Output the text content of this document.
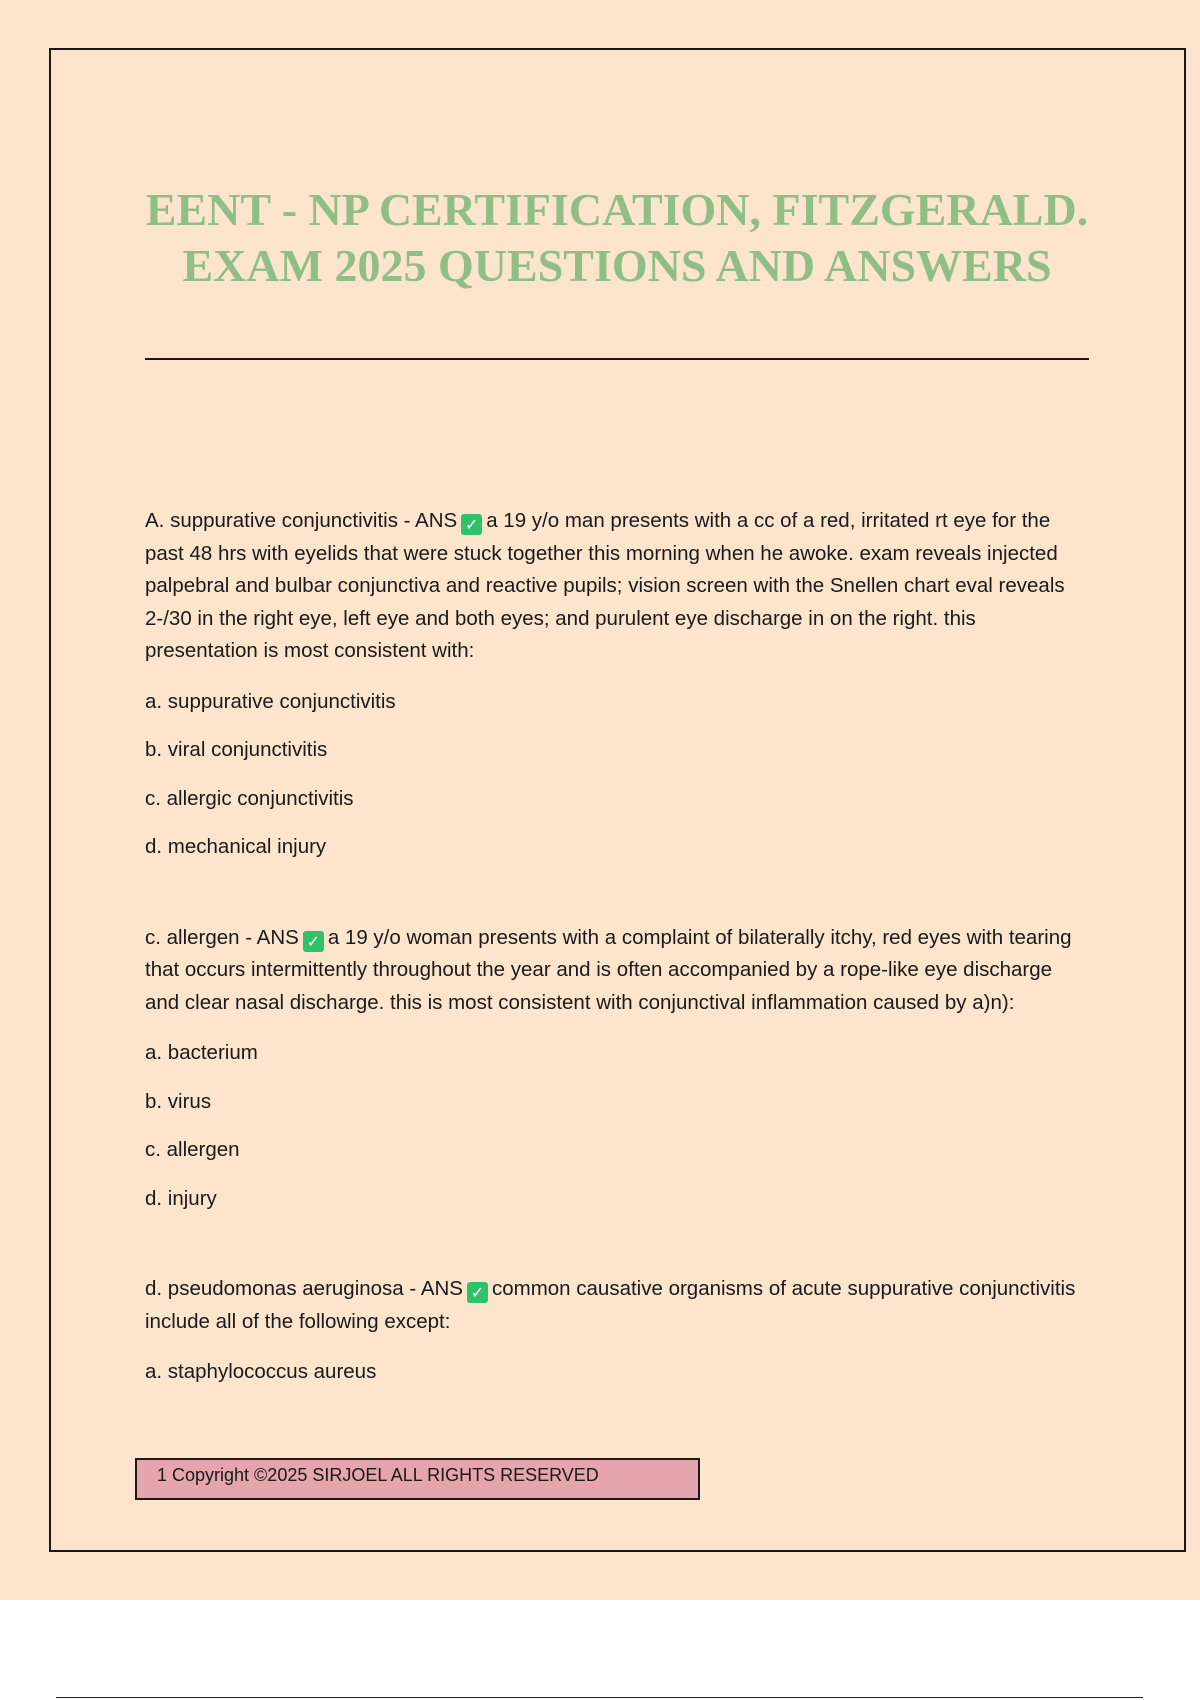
EENT - NP CERTIFICATION, FITZGERALD. EXAM 2025 QUESTIONS AND ANSWERS

A. suppurative conjunctivitis - ANS ✓ a 19 y/o man presents with a cc of a red, irritated rt eye for the past 48 hrs with eyelids that were stuck together this morning when he awoke. exam reveals injected palpebral and bulbar conjunctiva and reactive pupils; vision screen with the Snellen chart eval reveals 2-/30 in the right eye, left eye and both eyes; and purulent eye discharge in on the right. this presentation is most consistent with:

a. suppurative conjunctivitis

b. viral conjunctivitis

c. allergic conjunctivitis

d. mechanical injury

c. allergen - ANS ✓ a 19 y/o woman presents with a complaint of bilaterally itchy, red eyes with tearing that occurs intermittently throughout the year and is often accompanied by a rope-like eye discharge and clear nasal discharge. this is most consistent with conjunctival inflammation caused by a)n):

a. bacterium

b. virus

c. allergen

d. injury

d. pseudomonas aeruginosa - ANS ✓ common causative organisms of acute suppurative conjunctivitis include all of the following except:

a. staphylococcus aureus

1 Copyright ©2025 SIRJOEL ALL RIGHTS RESERVED
